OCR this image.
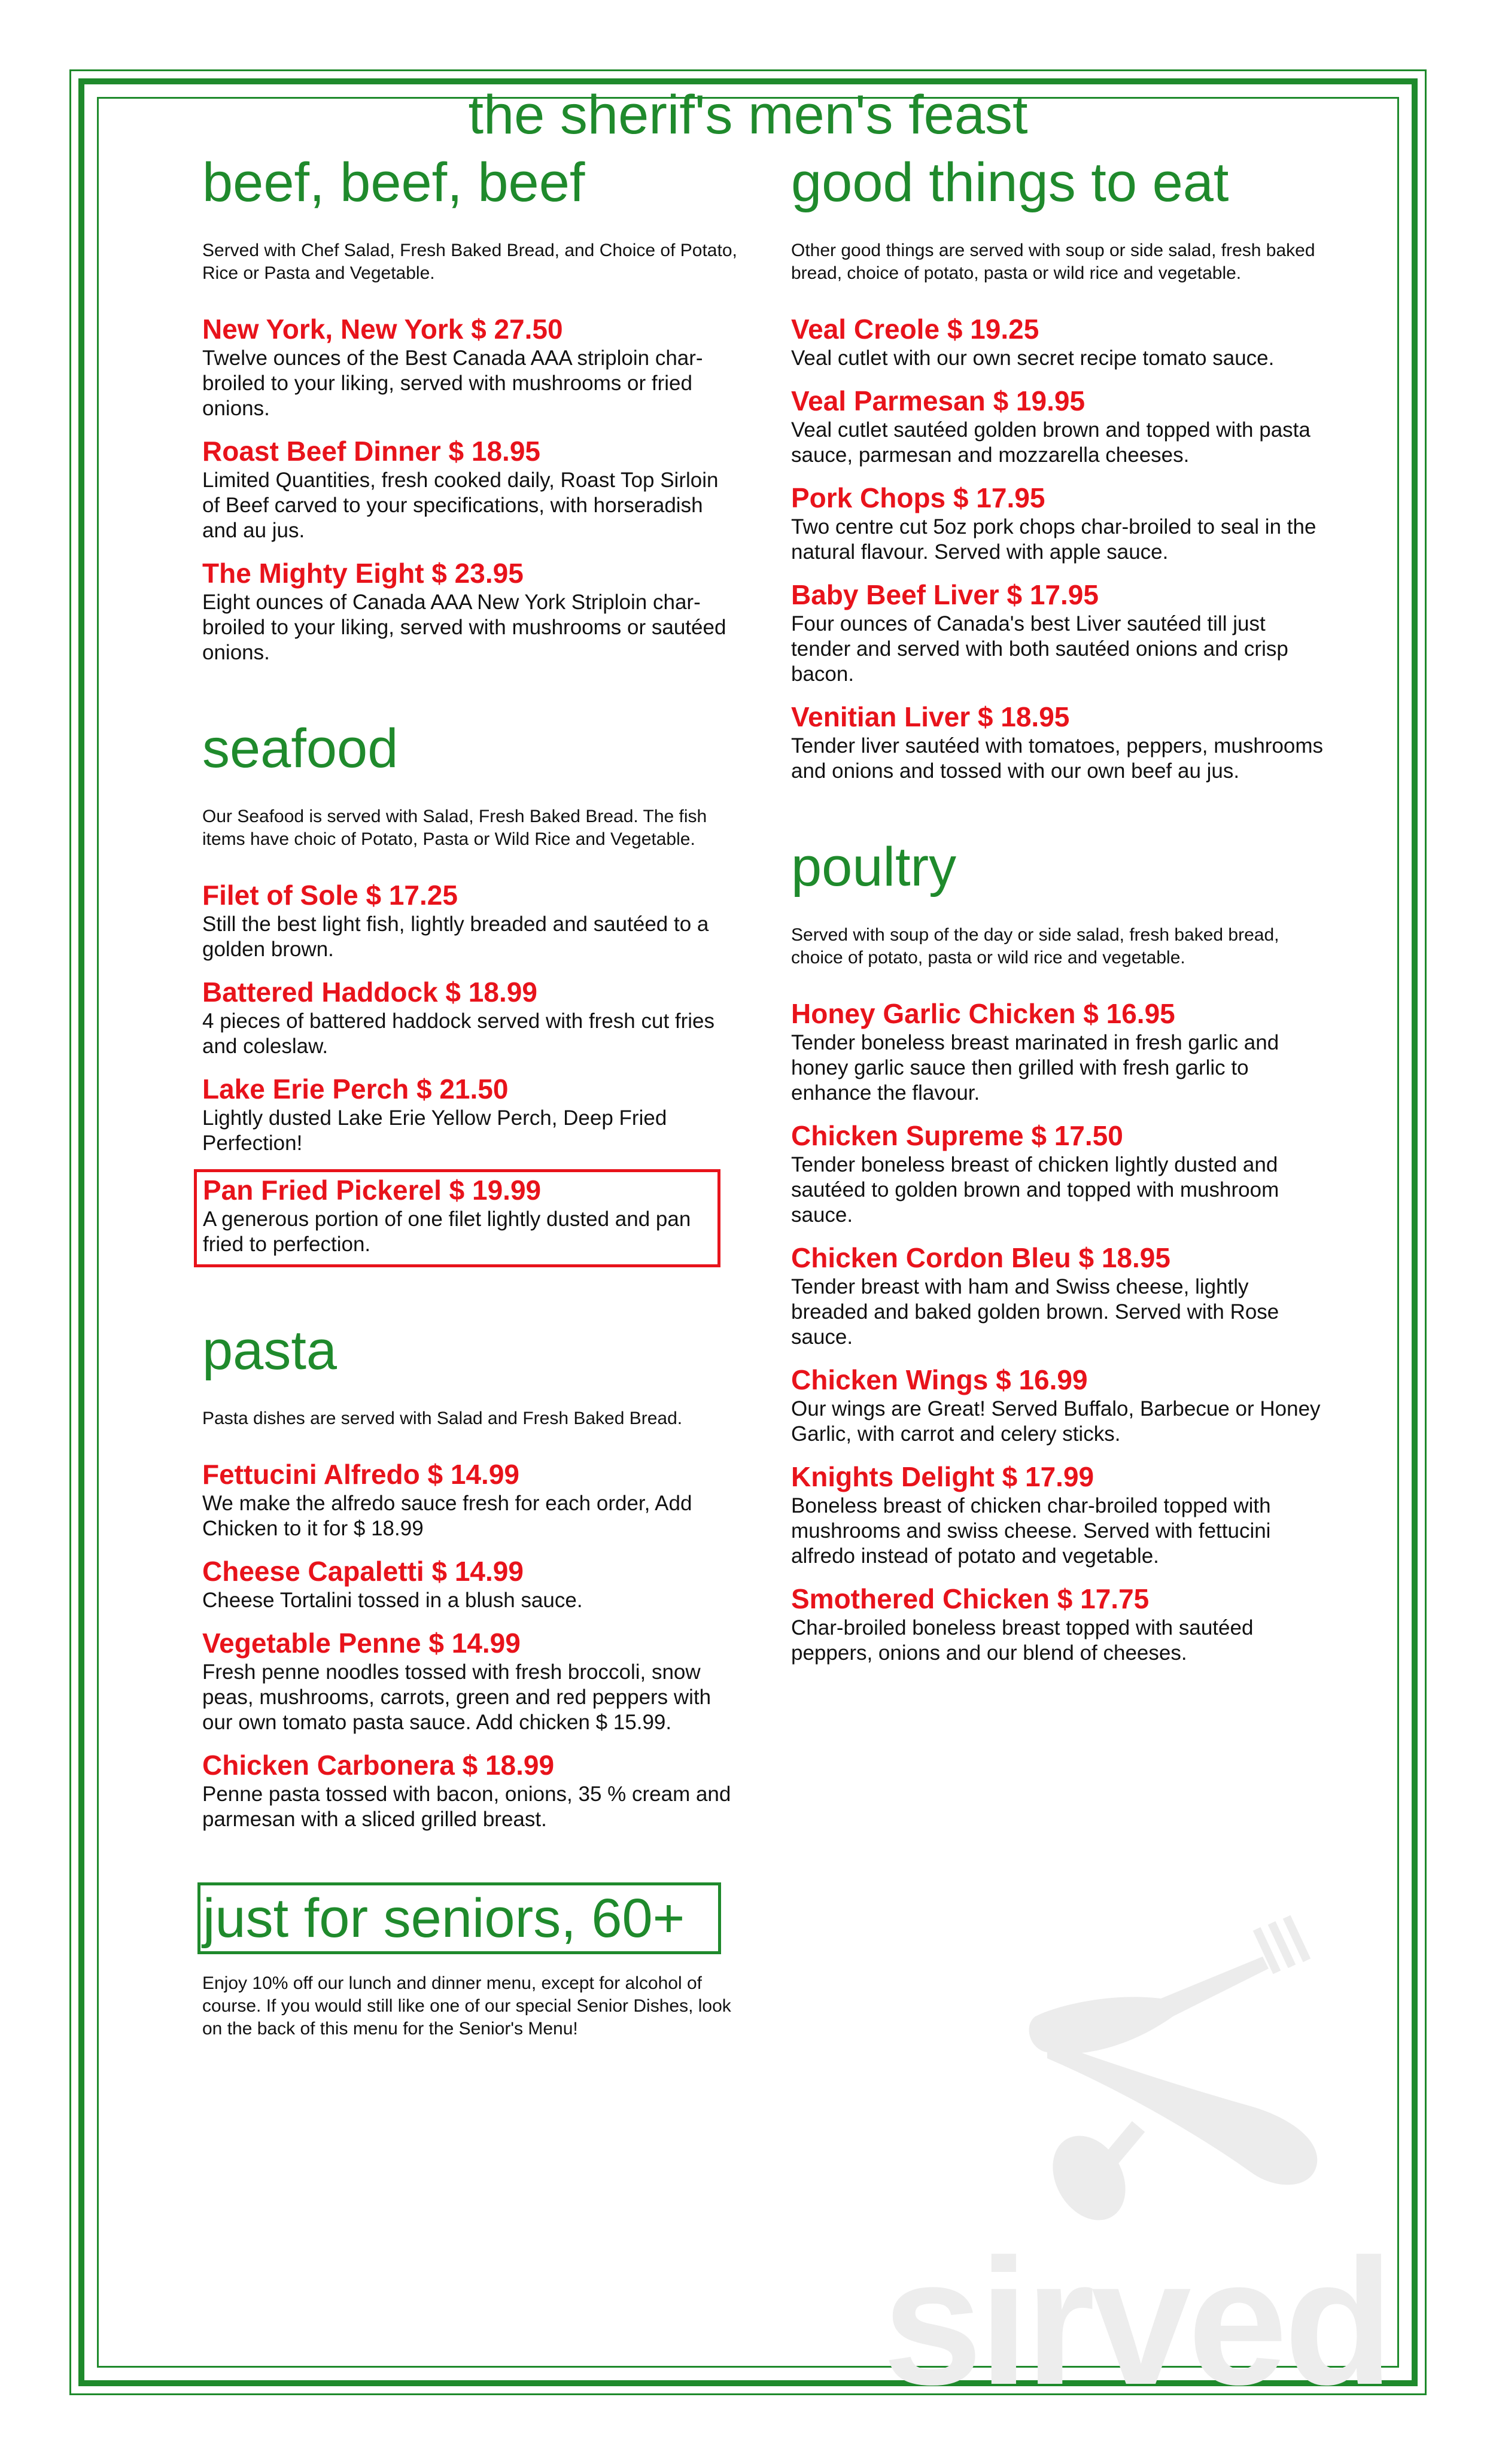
sirved
the sherif's men's feast
beef, beef, beef
Served with Chef Salad, Fresh Baked Bread, and Choice of Potato, Rice or Pasta and Vegetable.
New York, New York $ 27.50
Twelve ounces of the Best Canada AAA striploin char-broiled to your liking, served with mushrooms or fried onions.
Roast Beef Dinner $ 18.95
Limited Quantities, fresh cooked daily, Roast Top Sirloin of Beef carved to your specifications, with horseradish and au jus.
The Mighty Eight $ 23.95
Eight ounces of Canada AAA New York Striploin char-broiled to your liking, served with mushrooms or sautéed onions.
seafood
Our Seafood is served with Salad, Fresh Baked Bread. The fish items have choic of Potato, Pasta or Wild Rice and Vegetable.
Filet of Sole $ 17.25
Still the best light fish, lightly breaded and sautéed to a golden brown.
Battered Haddock $ 18.99
4 pieces of battered haddock served with fresh cut fries and coleslaw.
Lake Erie Perch $ 21.50
Lightly dusted Lake Erie Yellow Perch, Deep Fried Perfection!
Pan Fried Pickerel $ 19.99
A generous portion of one filet lightly dusted and pan fried to perfection.
pasta
Pasta dishes are served with Salad and Fresh Baked Bread.
Fettucini Alfredo $ 14.99
We make the alfredo sauce fresh for each order, Add Chicken to it for $ 18.99
Cheese Capaletti $ 14.99
Cheese Tortalini tossed in a blush sauce.
Vegetable Penne $ 14.99
Fresh penne noodles tossed with fresh broccoli, snow peas, mushrooms, carrots, green and red peppers with our own tomato pasta sauce. Add chicken $ 15.99.
Chicken Carbonera $ 18.99
Penne pasta tossed with bacon, onions, 35 % cream and parmesan with a sliced grilled breast.
just for seniors, 60+
Enjoy 10% off our lunch and dinner menu, except for alcohol of course. If you would still like one of our special Senior Dishes, look on the back of this menu for the Senior's Menu!
good things to eat
Other good things are served with soup or side salad, fresh baked bread, choice of potato, pasta or wild rice and vegetable.
Veal Creole $ 19.25
Veal cutlet with our own secret recipe tomato sauce.
Veal Parmesan $ 19.95
Veal cutlet sautéed golden brown and topped with pasta sauce, parmesan and mozzarella cheeses.
Pork Chops $ 17.95
Two centre cut 5oz pork chops char-broiled to seal in the natural flavour. Served with apple sauce.
Baby Beef Liver $ 17.95
Four ounces of Canada's best Liver sautéed till just tender and served with both sautéed onions and crisp bacon.
Venitian Liver $ 18.95
Tender liver sautéed with tomatoes, peppers, mushrooms and onions and tossed with our own beef au jus.
poultry
Served with soup of the day or side salad, fresh baked bread, choice of potato, pasta or wild rice and vegetable.
Honey Garlic Chicken $ 16.95
Tender boneless breast marinated in fresh garlic and honey garlic sauce then grilled with fresh garlic to enhance the flavour.
Chicken Supreme $ 17.50
Tender boneless breast of chicken lightly dusted and sautéed to golden brown and topped with mushroom sauce.
Chicken Cordon Bleu $ 18.95
Tender breast with ham and Swiss cheese, lightly breaded and baked golden brown. Served with Rose sauce.
Chicken Wings $ 16.99
Our wings are Great! Served Buffalo, Barbecue or Honey Garlic, with carrot and celery sticks.
Knights Delight $ 17.99
Boneless breast of chicken char-broiled topped with mushrooms and swiss cheese. Served with fettucini alfredo instead of potato and vegetable.
Smothered Chicken $ 17.75
Char-broiled boneless breast topped with sautéed peppers, onions and our blend of cheeses.
